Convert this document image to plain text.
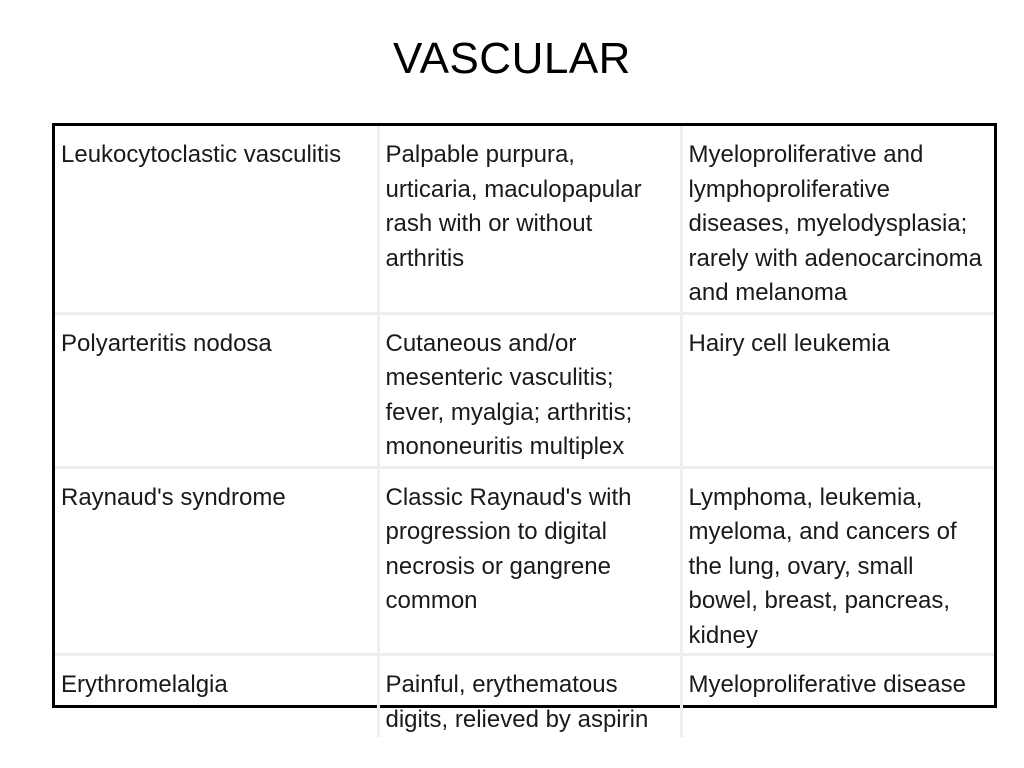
VASCULAR
Leukocytoclastic vasculitis	Palpable purpura, urticaria, maculopapular rash with or without arthritis	Myeloproliferative and lymphoproliferative diseases, myelodysplasia; rarely with adenocarcinoma and melanoma
Polyarteritis nodosa	Cutaneous and/or mesenteric vasculitis; fever, myalgia; arthritis; mononeuritis multiplex	Hairy cell leukemia
Raynaud's syndrome	Classic Raynaud's with progression to digital necrosis or gangrene common	Lymphoma, leukemia, myeloma, and cancers of the lung, ovary, small bowel, breast, pancreas, kidney
Erythromelalgia	Painful, erythematous digits, relieved by aspirin	Myeloproliferative disease
